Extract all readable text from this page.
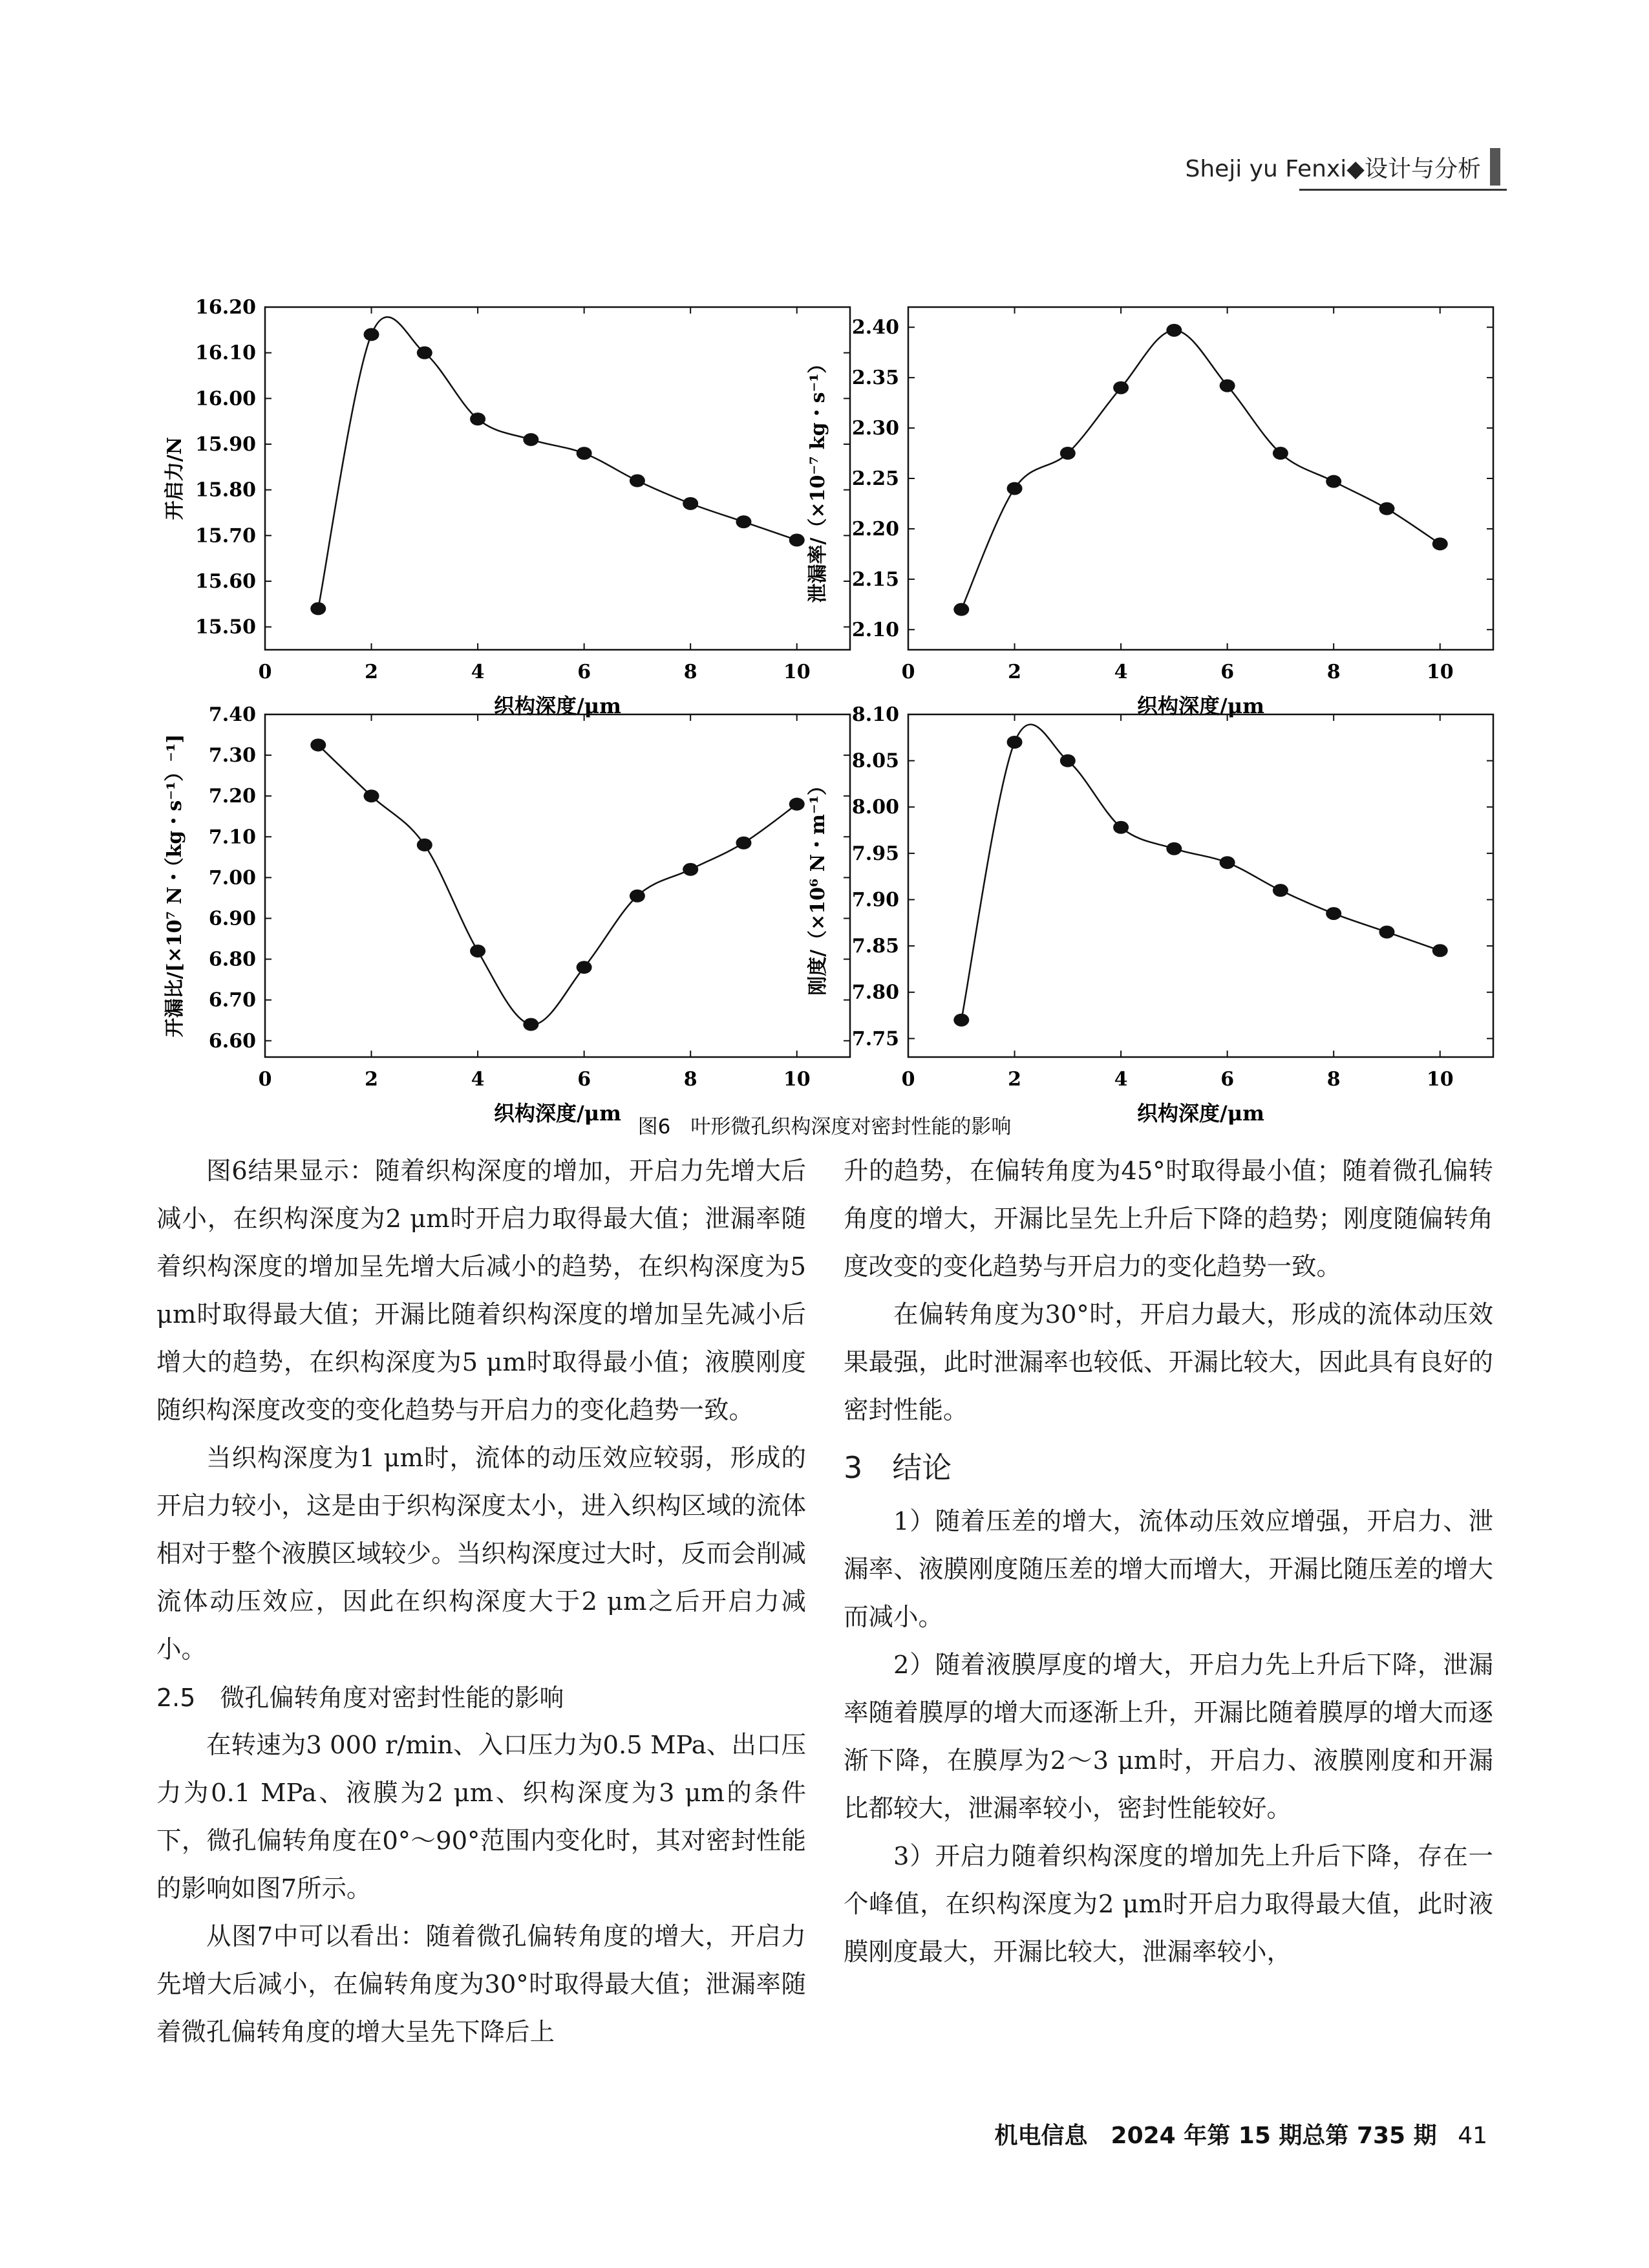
Sheji yu Fenxi◆设计与分析
0	2	4	6	8	10
15.50
15.60
15.70
15.80
15.90
16.00
16.10
16.20
织构深度/μm
开启力/N
0	2	4	6	8	10
2.10
2.15
2.20
2.25
2.30
2.35
2.40
织构深度/μm
泄漏率/（×10⁻⁷ kg・s⁻¹）
0	2	4	6	8	10
6.60
6.70
6.80
6.90
7.00
7.10
7.20
7.30
7.40
织构深度/μm
开漏比/[×10⁷ N・（kg・s⁻¹）⁻¹]
0	2	4	6	8	10
7.75
7.80
7.85
7.90
7.95
8.00
8.05
8.10
织构深度/μm
刚度/（×10⁶ N・m⁻¹）
图6　叶形微孔织构深度对密封性能的影响

图6结果显示：随着织构深度的增加，开启力先增大后减小，在织构深度为2 μm时开启力取得最大值；泄漏率随着织构深度的增加呈先增大后减小的趋势，在织构深度为5 μm时取得最大值；开漏比随着织构深度的增加呈先减小后增大的趋势，在织构深度为5 μm时取得最小值；液膜刚度随织构深度改变的变化趋势与开启力的变化趋势一致。

当织构深度为1 μm时，流体的动压效应较弱，形成的开启力较小，这是由于织构深度太小，进入织构区域的流体相对于整个液膜区域较少。当织构深度过大时，反而会削减流体动压效应，因此在织构深度大于2 μm之后开启力减小。

2.5　微孔偏转角度对密封性能的影响

在转速为3 000 r/min、入口压力为0.5 MPa、出口压力为0.1 MPa、液膜为2 μm、织构深度为3 μm的条件下，微孔偏转角度在0°～90°范围内变化时，其对密封性能的影响如图7所示。

从图7中可以看出：随着微孔偏转角度的增大，开启力先增大后减小，在偏转角度为30°时取得最大值；泄漏率随着微孔偏转角度的增大呈先下降后上

升的趋势，在偏转角度为45°时取得最小值；随着微孔偏转角度的增大，开漏比呈先上升后下降的趋势；刚度随偏转角度改变的变化趋势与开启力的变化趋势一致。

在偏转角度为30°时，开启力最大，形成的流体动压效果最强，此时泄漏率也较低、开漏比较大，因此具有良好的密封性能。

3　结论

1）随着压差的增大，流体动压效应增强，开启力、泄漏率、液膜刚度随压差的增大而增大，开漏比随压差的增大而减小。

2）随着液膜厚度的增大，开启力先上升后下降，泄漏率随着膜厚的增大而逐渐上升，开漏比随着膜厚的增大而逐渐下降，在膜厚为2～3 μm时，开启力、液膜刚度和开漏比都较大，泄漏率较小，密封性能较好。

3）开启力随着织构深度的增加先上升后下降，存在一个峰值，在织构深度为2 μm时开启力取得最大值，此时液膜刚度最大，开漏比较大，泄漏率较小，

机电信息　2024 年第 15 期总第 735 期 41
